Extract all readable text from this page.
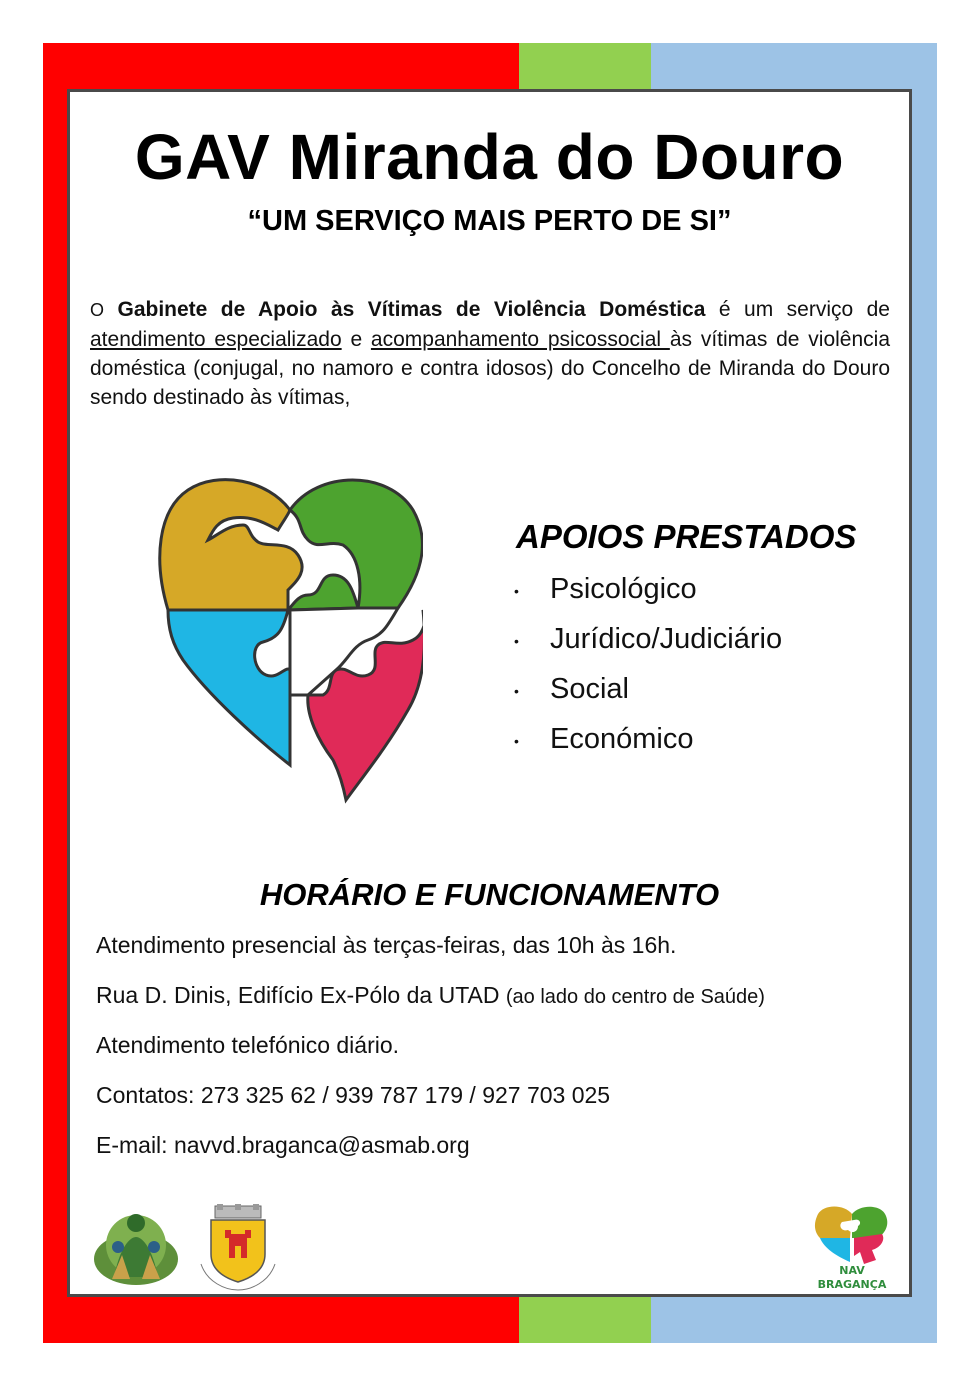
GAV Miranda do Douro
“UM SERVIÇO MAIS PERTO DE SI”

O Gabinete de Apoio às Vítimas de Violência Doméstica é um serviço de atendimento especializado e acompanhamento psicossocial às vítimas de violência doméstica (conjugal, no namoro e contra idosos) do Concelho de Miranda do Douro sendo destinado às vítimas,

APOIOS PRESTADOS
• Psicológico
• Jurídico/Judiciário
• Social
• Económico
HORÁRIO E FUNCIONAMENTO
Atendimento presencial às terças-feiras, das 10h às 16h.
Rua D. Dinis, Edifício Ex-Pólo da UTAD (ao lado do centro de Saúde)
Atendimento telefónico diário.
Contatos: 273 325 62 / 939 787 179 / 927 703 025
E-mail: navvd.braganca@asmab.org
NAV
BRAGANÇA
